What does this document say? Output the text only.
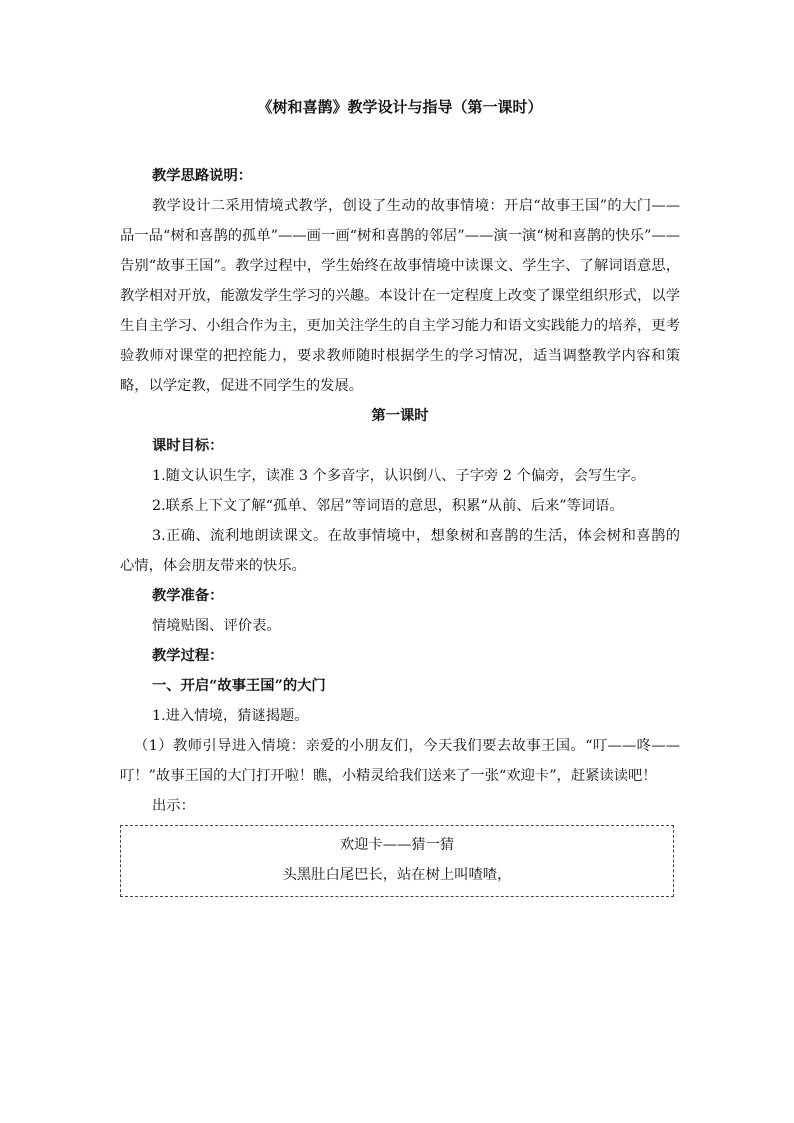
《树和喜鹊》教学设计与指导（第一课时）

教学思路说明：

教学设计二采用情境式教学，创设了生动的故事情境：开启“故事王国”的大门——品一品“树和喜鹊的孤单”——画一画“树和喜鹊的邻居”——演一演“树和喜鹊的快乐”——告别“故事王国”。教学过程中，学生始终在故事情境中读课文、学生字、了解词语意思，教学相对开放，能激发学生学习的兴趣。本设计在一定程度上改变了课堂组织形式，以学生自主学习、小组合作为主，更加关注学生的自主学习能力和语文实践能力的培养，更考验教师对课堂的把控能力，要求教师随时根据学生的学习情况，适当调整教学内容和策略，以学定教，促进不同学生的发展。

第一课时

课时目标：

1.随文认识生字，读准 3 个多音字，认识倒八、子字旁 2 个偏旁，会写生字。

2.联系上下文了解“孤单、邻居”等词语的意思，积累“从前、后来”等词语。

3.正确、流利地朗读课文。在故事情境中，想象树和喜鹊的生活，体会树和喜鹊的心情，体会朋友带来的快乐。

教学准备：

情境贴图、评价表。

教学过程：

一、开启“故事王国”的大门

1.进入情境，猜谜揭题。

（1）教师引导进入情境：亲爱的小朋友们，今天我们要去故事王国。“叮——咚——叮！”故事王国的大门打开啦！瞧，小精灵给我们送来了一张“欢迎卡”，赶紧读读吧！

出示：

欢迎卡——猜一猜

头黑肚白尾巴长，站在树上叫喳喳，
